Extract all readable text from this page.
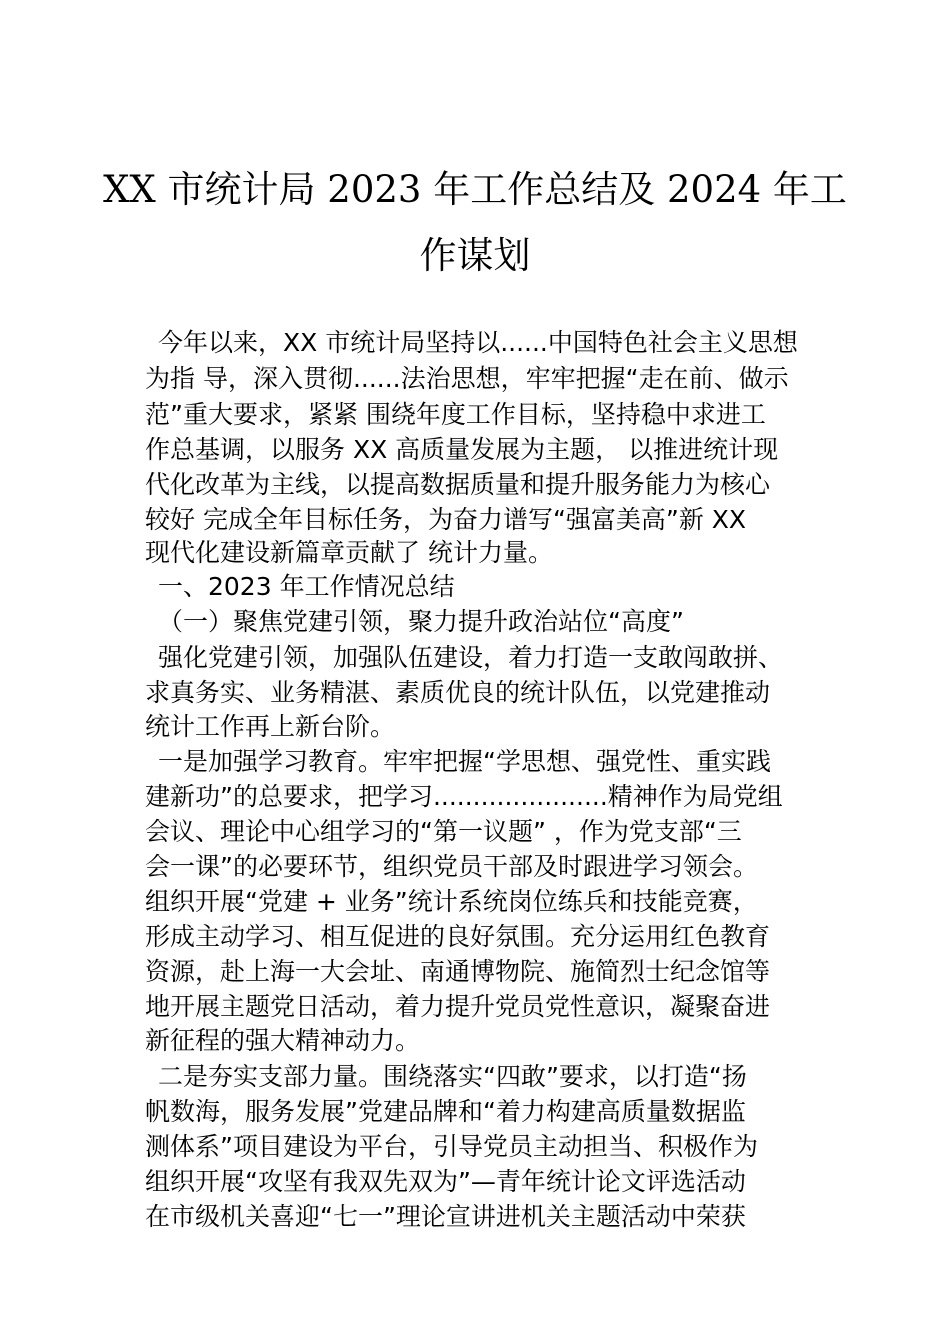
XX 市统计局 2023 年工作总结及 2024 年工
作谋划
今年以来，XX 市统计局坚持以......中国特色社会主义思想
为指 导，深入贯彻......法治思想，牢牢把握“走在前、做示
范”重大要求，紧紧 围绕年度工作目标，坚持稳中求进工
作总基调，以服务 XX 高质量发展为主题， 以推进统计现
代化改革为主线，以提高数据质量和提升服务能力为核心
较好 完成全年目标任务，为奋力谱写“强富美高”新 XX
现代化建设新篇章贡献了 统计力量。
一、2023 年工作情况总结
（一）聚焦党建引领，聚力提升政治站位“高度”
强化党建引领，加强队伍建设，着力打造一支敢闯敢拼、
求真务实、业务精湛、素质优良的统计队伍，以党建推动
统计工作再上新台阶。
一是加强学习教育。牢牢把握“学思想、强党性、重实践
建新功”的总要求，把学习......................精神作为局党组
会议、理论中心组学习的“第一议题” ，作为党支部“三
会一课”的必要环节，组织党员干部及时跟进学习领会。
组织开展“党建 + 业务”统计系统岗位练兵和技能竞赛，
形成主动学习、相互促进的良好氛围。充分运用红色教育
资源，赴上海一大会址、南通博物院、施简烈士纪念馆等
地开展主题党日活动，着力提升党员党性意识，凝聚奋进
新征程的强大精神动力。
二是夯实支部力量。围绕落实“四敢”要求，以打造“扬
帆数海，服务发展”党建品牌和“着力构建高质量数据监
测体系”项目建设为平台，引导党员主动担当、积极作为
组织开展“攻坚有我双先双为”—青年统计论文评选活动
在市级机关喜迎“七一”理论宣讲进机关主题活动中荣获
